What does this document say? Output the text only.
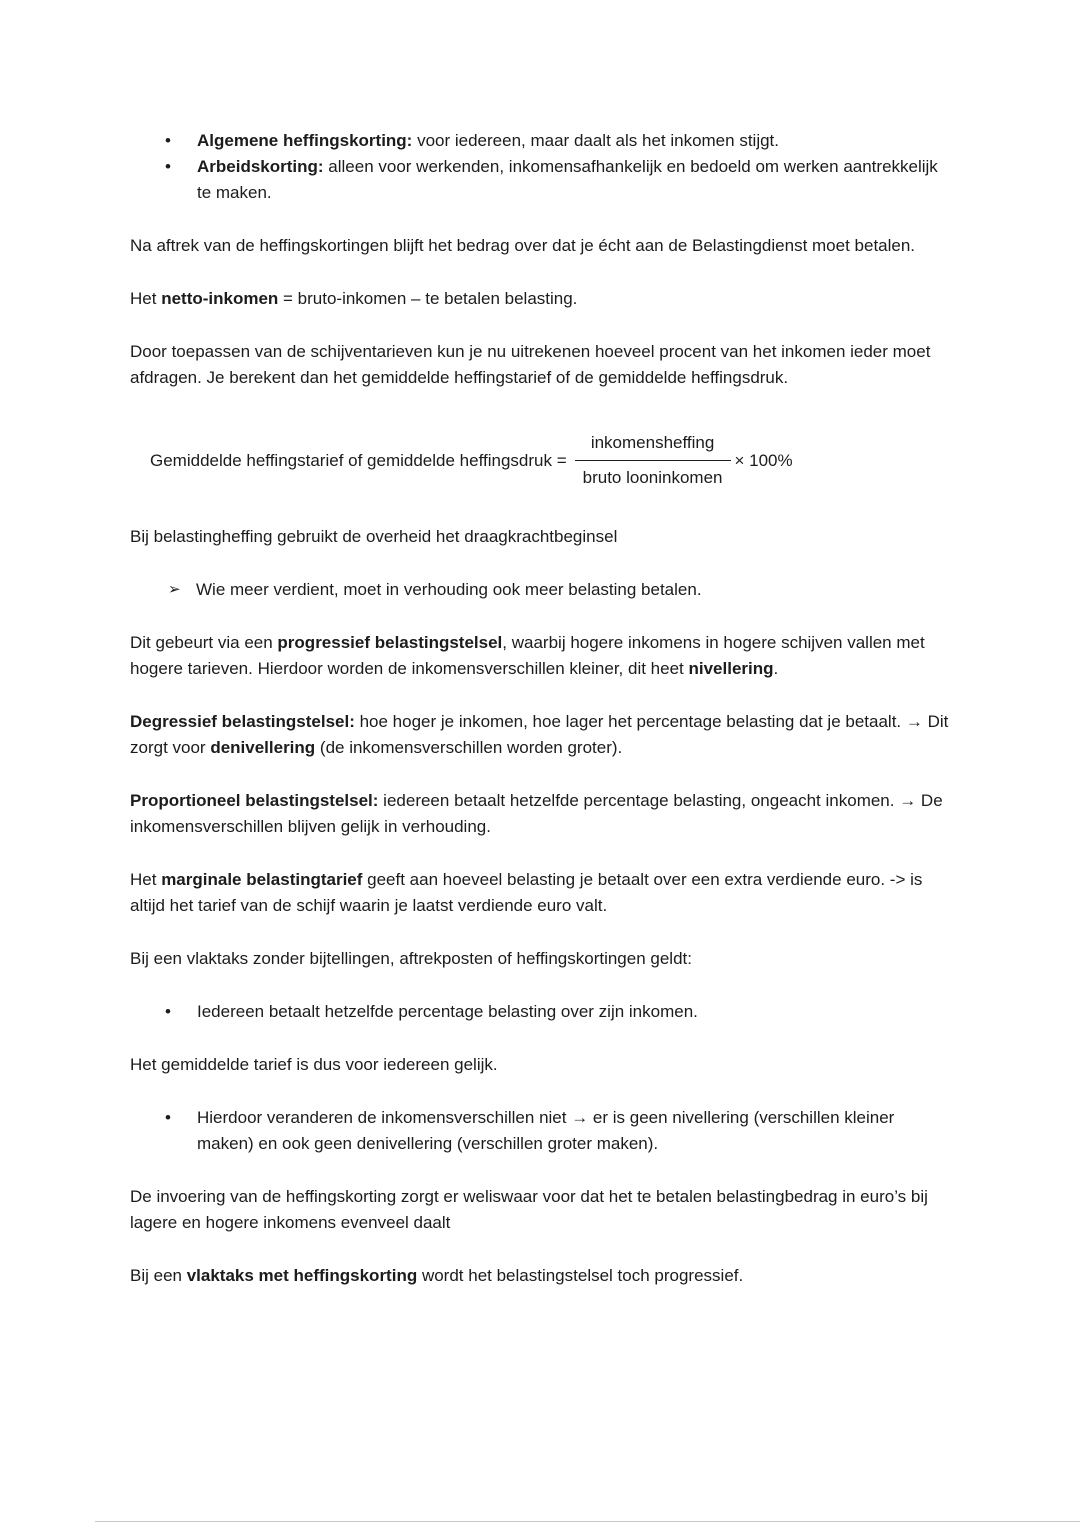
•	Algemene heffingskorting: voor iedereen, maar daalt als het inkomen stijgt.
•	Arbeidskorting: alleen voor werkenden, inkomensafhankelijk en bedoeld om werken aantrekkelijk te maken.

Na aftrek van de heffingskortingen blijft het bedrag over dat je écht aan de Belastingdienst moet betalen.

Het netto-inkomen = bruto-inkomen – te betalen belasting.

Door toepassen van de schijventarieven kun je nu uitrekenen hoeveel procent van het inkomen ieder moet afdragen. Je berekent dan het gemiddelde heffingstarief of de gemiddelde heffingsdruk.

Gemiddelde heffingstarief of gemiddelde heffingsdruk = $\frac{\text{inkomensheffing}}{\text{bruto looninkomen}} \times 100\%$

Bij belastingheffing gebruikt de overheid het draagkrachtbeginsel

➢ Wie meer verdient, moet in verhouding ook meer belasting betalen.

Dit gebeurt via een progressief belastingstelsel, waarbij hogere inkomens in hogere schijven vallen met hogere tarieven. Hierdoor worden de inkomensverschillen kleiner, dit heet nivellering.

Degressief belastingstelsel: hoe hoger je inkomen, hoe lager het percentage belasting dat je betaalt. → Dit zorgt voor denivellering (de inkomensverschillen worden groter).

Proportioneel belastingstelsel: iedereen betaalt hetzelfde percentage belasting, ongeacht inkomen. → De inkomensverschillen blijven gelijk in verhouding.

Het marginale belastingtarief geeft aan hoeveel belasting je betaalt over een extra verdiende euro. -> is altijd het tarief van de schijf waarin je laatst verdiende euro valt.

Bij een vlaktaks zonder bijtellingen, aftrekposten of heffingskortingen geldt:

•	Iedereen betaalt hetzelfde percentage belasting over zijn inkomen.

Het gemiddelde tarief is dus voor iedereen gelijk.

•	Hierdoor veranderen de inkomensverschillen niet → er is geen nivellering (verschillen kleiner maken) en ook geen denivellering (verschillen groter maken).

De invoering van de heffingskorting zorgt er weliswaar voor dat het te betalen belastingbedrag in euro’s bij lagere en hogere inkomens evenveel daalt

Bij een vlaktaks met heffingskorting wordt het belastingstelsel toch progressief.
